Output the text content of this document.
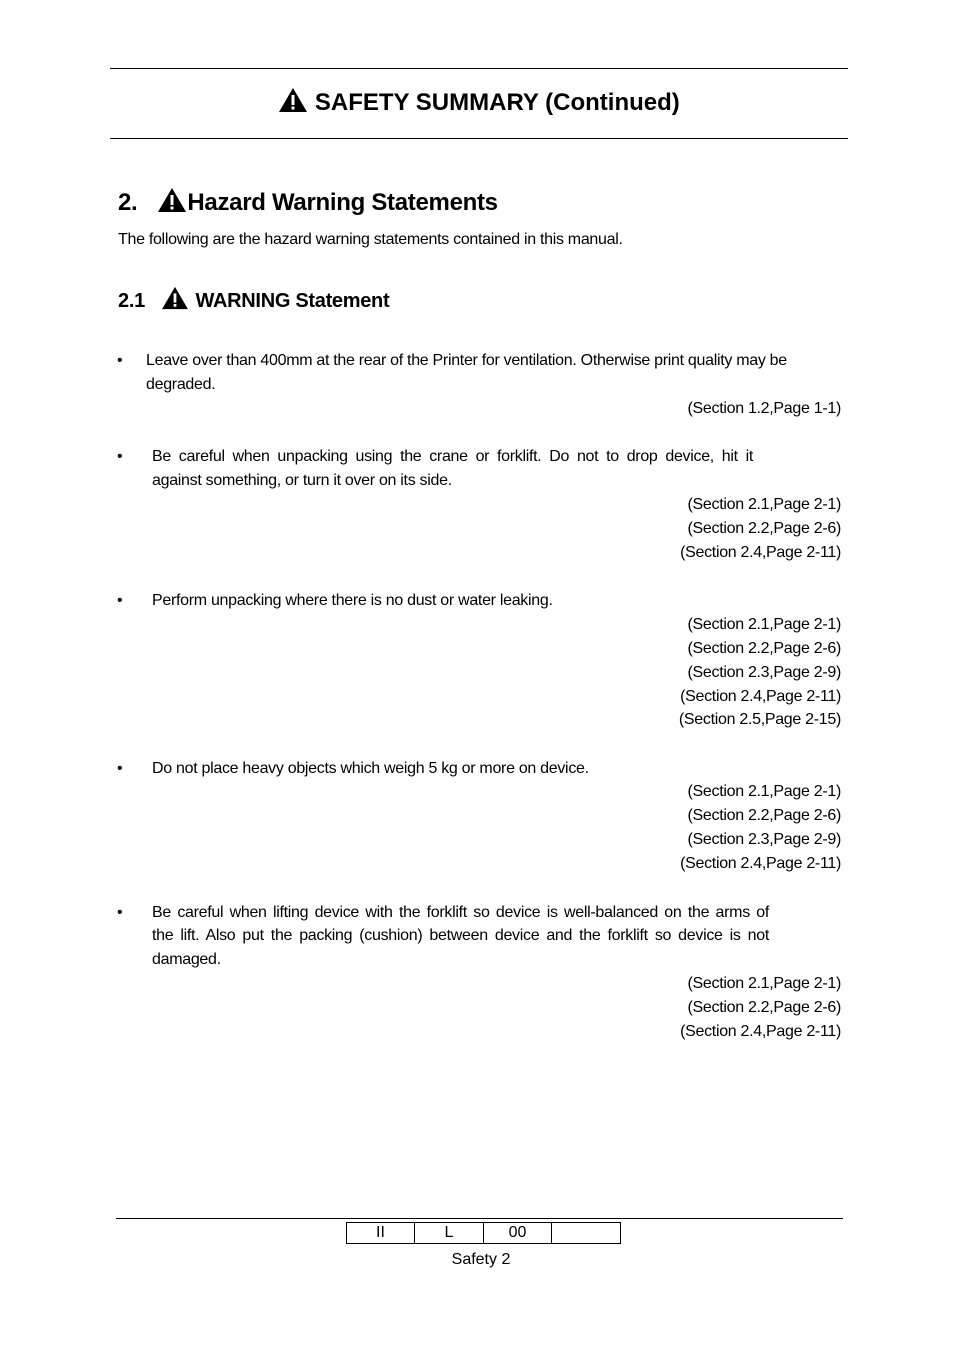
SAFETY SUMMARY (Continued)
2. Hazard Warning Statements
The following are the hazard warning statements contained in this manual.
2.1	WARNING Statement
• Leave over than 400mm at the rear of the Printer for ventilation. Otherwise print quality may be
degraded.
(Section 1.2,Page 1-1)
• Be careful when unpacking using the crane or forklift. Do not to drop device, hit it
against something, or turn it over on its side.
(Section 2.1,Page 2-1)
(Section 2.2,Page 2-6)
(Section 2.4,Page 2-11)
• Perform unpacking where there is no dust or water leaking.
(Section 2.1,Page 2-1)
(Section 2.2,Page 2-6)
(Section 2.3,Page 2-9)
(Section 2.4,Page 2-11)
(Section 2.5,Page 2-15)
• Do not place heavy objects which weigh 5 kg or more on device.
(Section 2.1,Page 2-1)
(Section 2.2,Page 2-6)
(Section 2.3,Page 2-9)
(Section 2.4,Page 2-11)
• Be careful when lifting device with the forklift so device is well-balanced on the arms of
the lift. Also put the packing (cushion) between device and the forklift so device is not
damaged.
(Section 2.1,Page 2-1)
(Section 2.2,Page 2-6)
(Section 2.4,Page 2-11)
II	L	00	
Safety 2
